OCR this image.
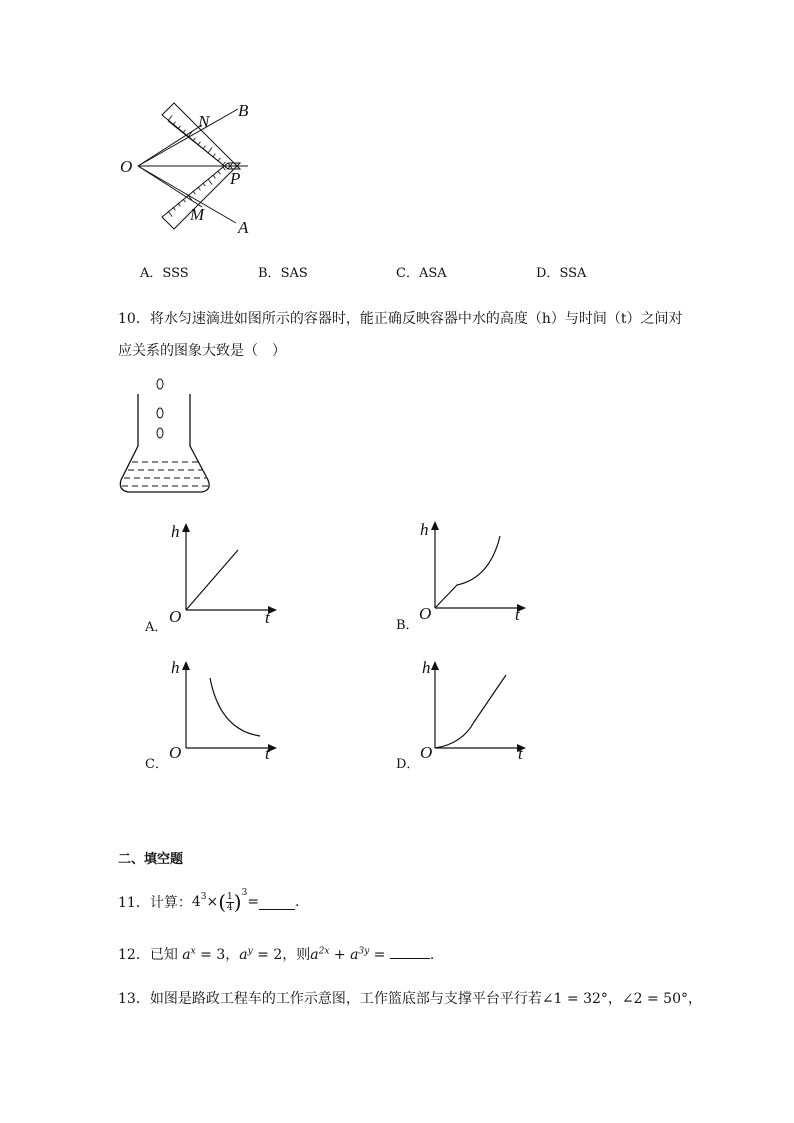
O
B
N
P
M
A
A．SSS	B．SAS	C．ASA	D．SSA
10．将水匀速滴进如图所示的容器时，能正确反映容器中水的高度（h）与时间（t）之间对
应关系的图象大致是（　）
h
t
O
A．
h
t
O
B．
h
t
O
C．
h
t
O
D．
二、填空题
11．计算： $4^3$ × ( $\frac{1}{4} )^3$
=	.
12．已知 $a^x = 3$，$a^y = 2$，则$a^{2x} + a^{3y}$ =	.
13．如图是路政工程车的工作示意图，工作篮底部与支撑平台平行若∠1 = 32°，∠2 = 50°，
